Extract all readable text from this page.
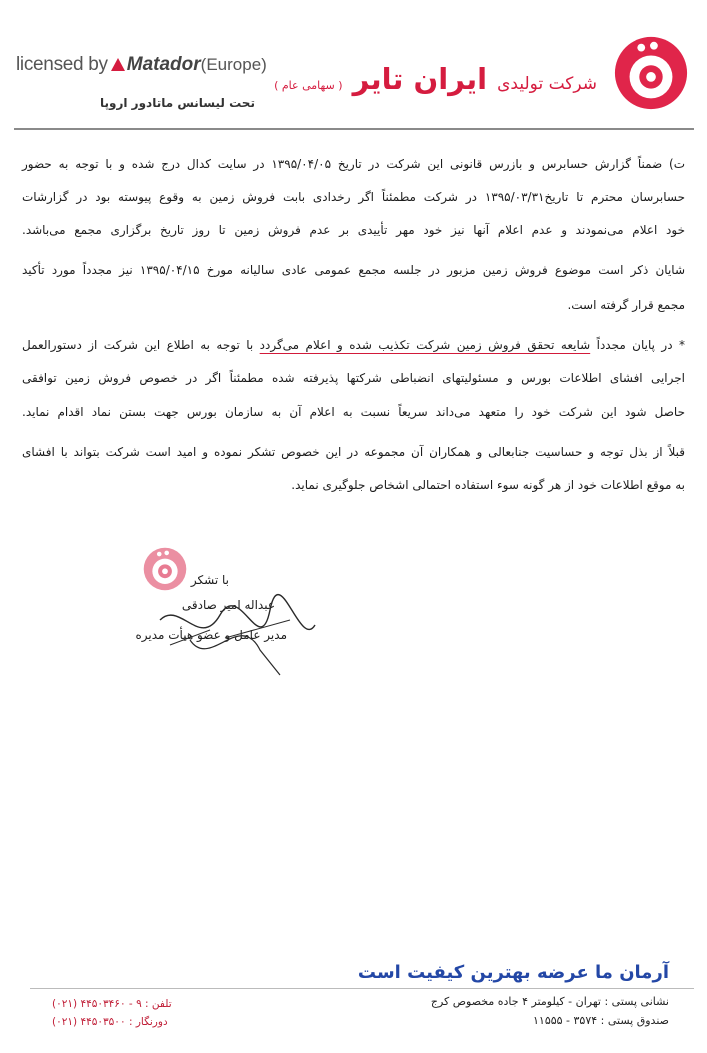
شرکت تولیدی ایران تایر ( سهامی عام )
licensed by Matador(Europe)
تحت لیسانس ماتادور اروپا
ت) ضمناً گزارش حسابرس و بازرس قانونی این شرکت در تاریخ ۱۳۹۵/۰۴/۰۵ در سایت کدال درج شده و با توجه به حضور
حسابرسان محترم تا تاریخ۱۳۹۵/۰۳/۳۱ در شرکت مطمئناً اگر رخدادی بابت فروش زمین به وقوع پیوسته بود در گزارشات
خود اعلام می‌نمودند و عدم اعلام آنها نیز خود مهر تأییدی بر عدم فروش زمین تا روز تاریخ برگزاری مجمع می‌باشد.
شایان ذکر است موضوع فروش زمین مزبور در جلسه مجمع عمومی عادی سالیانه مورخ ۱۳۹۵/۰۴/۱۵ نیز مجدداً مورد تأکید
مجمع قرار گرفته است.
* در پایان مجدداً شایعه تحقق فروش زمین شرکت تکذیب شده و اعلام می‌گردد با توجه به اطلاع این شرکت از دستورالعمل
اجرایی افشای اطلاعات بورس و مسئولیتهای انضباطی شرکتها پذیرفته شده مطمئناً اگر در خصوص فروش زمین توافقی
حاصل شود این شرکت خود را متعهد می‌داند سریعاً نسبت به اعلام آن به سازمان بورس جهت بستن نماد اقدام نماید.
قبلاً از بذل توجه و حساسیت جنابعالی و همکاران آن مجموعه در این خصوص تشکر نموده و امید است شرکت بتواند با افشای
به موقع اطلاعات خود از هر گونه سوء استفاده احتمالی اشخاص جلوگیری نماید.
با تشکر
عبداله امیر صادقی
مدیر عامل و عضو هیأت مدیره
آرمان ما عرضه بهترین کیفیت است
نشانی پستی : تهران - کیلومتر ۴ جاده مخصوص کرج
صندوق پستی : ۳۵۷۴ - ۱۱۵۵۵
تلفن : ۹ - ۴۴۵۰۳۴۶۰ (۰۲۱)
دورنگار : ۴۴۵۰۳۵۰۰ (۰۲۱)
